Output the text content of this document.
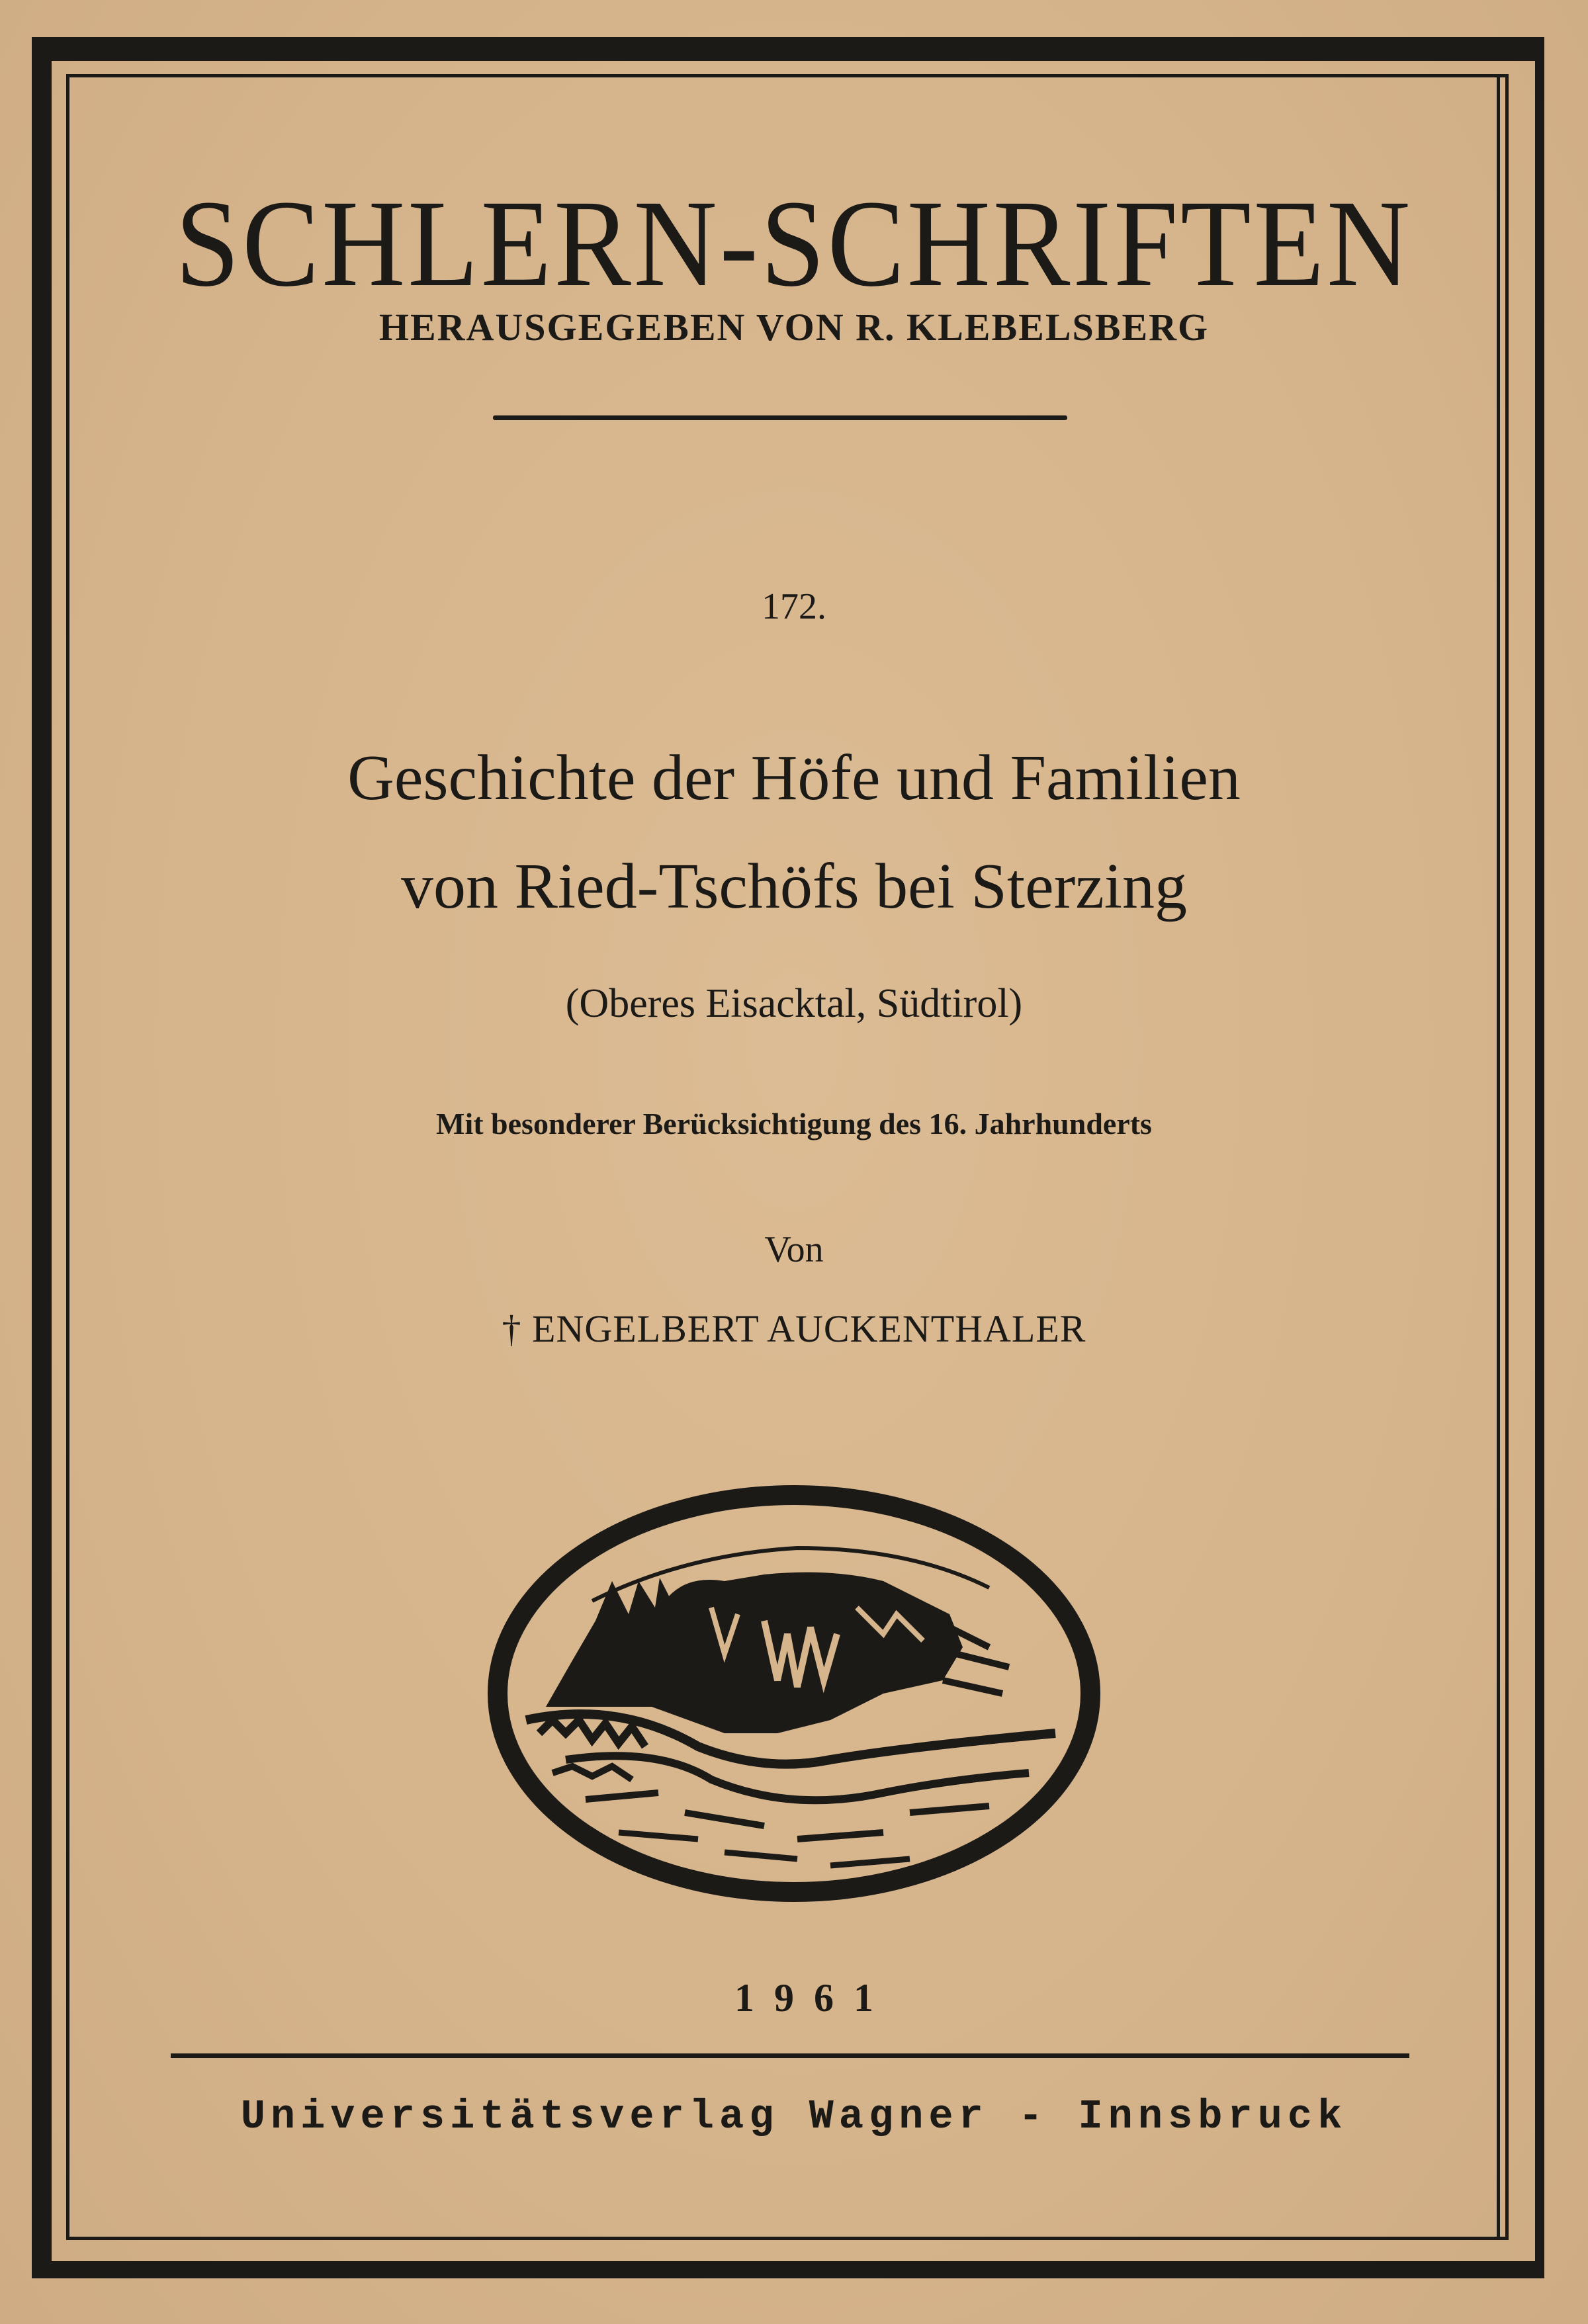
SCHLERN-SCHRIFTEN
HERAUSGEGEBEN VON R. KLEBELSBERG
172.
Geschichte der Höfe und Familien
von Ried-Tschöfs bei Sterzing
(Oberes Eisacktal, Südtirol)
Mit besonderer Berücksichtigung des 16. Jahrhunderts
Von
† ENGELBERT AUCKENTHALER
1961
Universitätsverlag Wagner - Innsbruck
